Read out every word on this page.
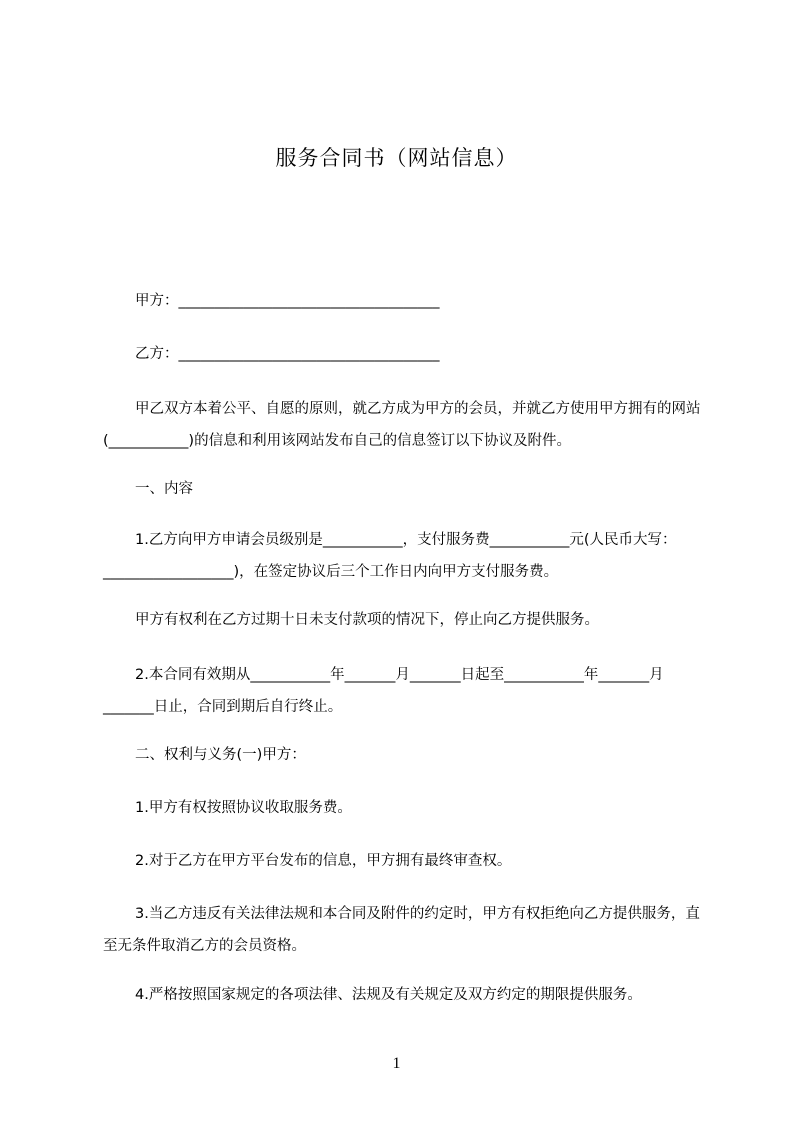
服务合同书（网站信息）
甲方：____________________________________
乙方：____________________________________
甲乙双方本着公平、自愿的原则，就乙方成为甲方的会员，并就乙方使用甲方拥有的网站(___________)的信息和利用该网站发布自己的信息签订以下协议及附件。
一、内容
1.乙方向甲方申请会员级别是___________，支付服务费___________元(人民币大写：__________________)，在签定协议后三个工作日内向甲方支付服务费。
甲方有权利在乙方过期十日未支付款项的情况下，停止向乙方提供服务。
2.本合同有效期从___________年_______月_______日起至___________年_______月_______日止，合同到期后自行终止。
二、权利与义务(一)甲方：
1.甲方有权按照协议收取服务费。
2.对于乙方在甲方平台发布的信息，甲方拥有最终审查权。
3.当乙方违反有关法律法规和本合同及附件的约定时，甲方有权拒绝向乙方提供服务，直至无条件取消乙方的会员资格。
4.严格按照国家规定的各项法律、法规及有关规定及双方约定的期限提供服务。
1
